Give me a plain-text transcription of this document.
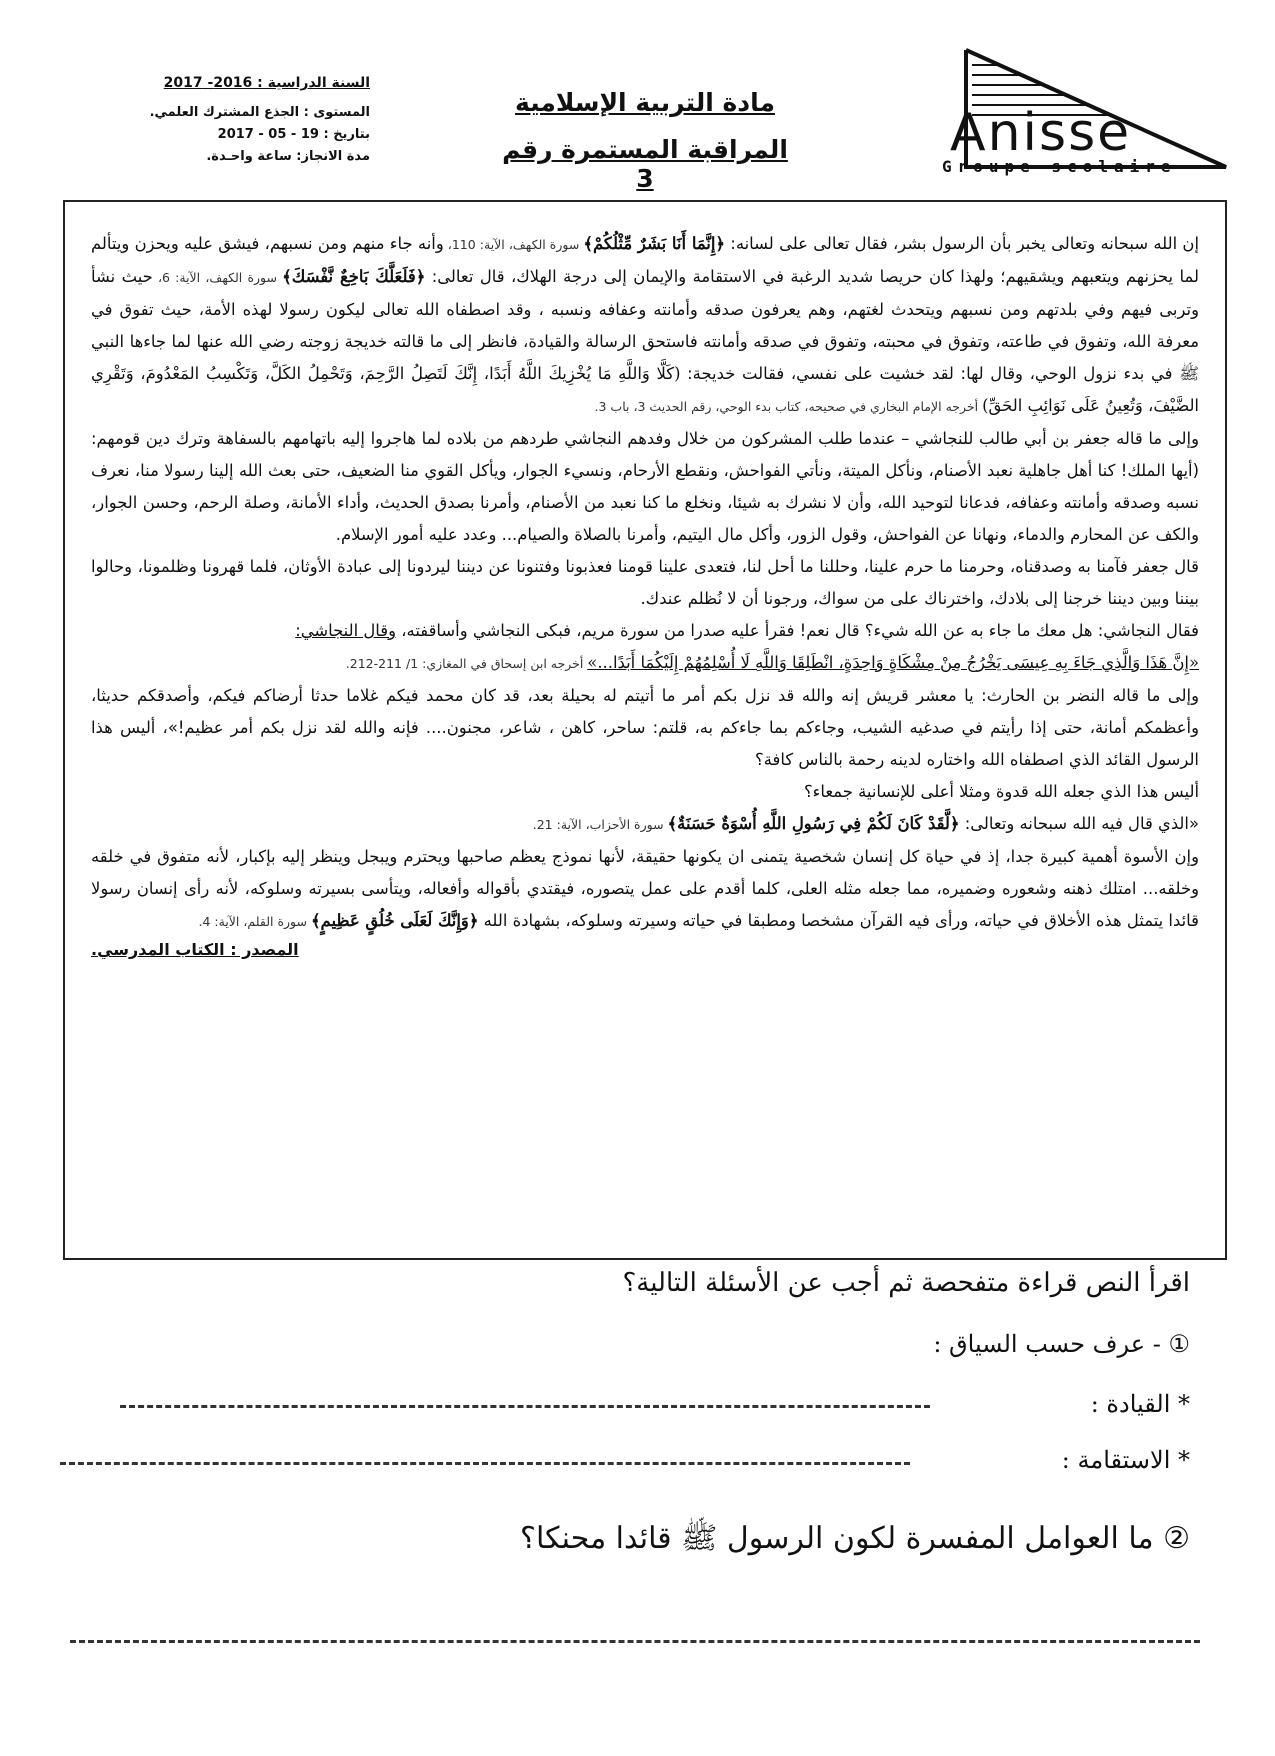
السنة الدراسية : 2016- 2017
المستوى : الجذع المشترك العلمي.
بتاريخ : 19 - 05 - 2017
مدة الانجاز: ساعة واحـدة.
مادة التربية الإسلامية
المراقبة المستمرة رقم 3
Anisse
Groupe scolaire

إن الله سبحانه وتعالى يخبر بأن الرسول بشر، فقال تعالى على لسانه: ﴿إِنَّمَا أَنَا بَشَرٌ مِّثْلُكُمْ﴾ سورة الكهف، الآية: 110، وأنه جاء منهم ومن نسبهم، فيشق عليه ويحزن ويتألم لما يحزنهم ويتعبهم ويشقيهم؛ ولهذا كان حريصا شديد الرغبة في الاستقامة والإيمان إلى درجة الهلاك، قال تعالى: ﴿فَلَعَلَّكَ بَاخِعٌ نَّفْسَكَ﴾ سورة الكهف، الآية: 6، حيث نشأ وتربى فيهم وفي بلدتهم ومن نسبهم ويتحدث لغتهم، وهم يعرفون صدقه وأمانته وعفافه ونسبه ، وقد اصطفاه الله تعالى ليكون رسولا لهذه الأمة، حيث تفوق في معرفة الله، وتفوق في طاعته، وتفوق في محبته، وتفوق في صدقه وأمانته فاستحق الرسالة والقيادة، فانظر إلى ما قالته خديجة زوجته رضي الله عنها لما جاءها النبي ﷺ في بدء نزول الوحي، وقال لها: لقد خشيت على نفسي، فقالت خديجة: (كَلَّا وَاللَّهِ مَا يُخْزِيكَ اللَّهُ أَبَدًا، إِنَّكَ لَتَصِلُ الرَّحِمَ، وَتَحْمِلُ الكَلَّ، وَتَكْسِبُ المَعْدُومَ، وَتَقْرِي الضَّيْفَ، وَتُعِينُ عَلَى نَوَائِبِ الحَقِّ) أخرجه الإمام البخاري في صحيحه، كتاب بدء الوحي، رقم الحديث 3، باب 3.

وإلى ما قاله جعفر بن أبي طالب للنجاشي – عندما طلب المشركون من خلال وفدهم النجاشي طردهم من بلاده لما هاجروا إليه باتهامهم بالسفاهة وترك دين قومهم: (أيها الملك! كنا أهل جاهلية نعبد الأصنام، ونأكل الميتة، ونأتي الفواحش، ونقطع الأرحام، ونسيء الجوار، ويأكل القوي منا الضعيف، حتى بعث الله إلينا رسولا منا، نعرف نسبه وصدقه وأمانته وعفافه، فدعانا لتوحيد الله، وأن لا نشرك به شيئا، ونخلع ما كنا نعبد من الأصنام، وأمرنا بصدق الحديث، وأداء الأمانة، وصلة الرحم، وحسن الجوار، والكف عن المحارم والدماء، ونهانا عن الفواحش، وقول الزور، وأكل مال اليتيم، وأمرنا بالصلاة والصيام... وعدد عليه أمور الإسلام.

قال جعفر فآمنا به وصدقناه، وحرمنا ما حرم علينا، وحللنا ما أحل لنا، فتعدى علينا قومنا فعذبونا وفتنونا عن ديننا ليردونا إلى عبادة الأوثان، فلما قهرونا وظلمونا، وحالوا بيننا وبين ديننا خرجنا إلى بلادك، واخترناك على من سواك، ورجونا أن لا نُظلم عندك.

فقال النجاشي: هل معك ما جاء به عن الله شيء؟ قال نعم! فقرأ عليه صدرا من سورة مريم، فبكى النجاشي وأساقفته، وقال النجاشي:
«إِنَّ هَذَا وَالَّذِي جَاءَ بِهِ عِيسَى يَخْرُجُ مِنْ مِشْكَاةٍ وَاحِدَةٍ، انْطَلِقَا وَاللَّهِ لَا أُسْلِمُهُمْ إِلَيْكُمَا أَبَدًا...» أخرجه ابن إسحاق في المغازي: 1/ 211-212.

وإلى ما قاله النضر بن الحارث: يا معشر قريش إنه والله قد نزل بكم أمر ما أتيتم له بحيلة بعد، قد كان محمد فيكم غلاما حدثا أرضاكم فيكم، وأصدقكم حديثا، وأعظمكم أمانة، حتى إذا رأيتم في صدغيه الشيب، وجاءكم بما جاءكم به، قلتم: ساحر، كاهن ، شاعر، مجنون.... فإنه والله لقد نزل بكم أمر عظيم!»، أليس هذا الرسول القائد الذي اصطفاه الله واختاره لدينه رحمة بالناس كافة؟

أليس هذا الذي جعله الله قدوة ومثلا أعلى للإنسانية جمعاء؟

«الذي قال فيه الله سبحانه وتعالى: ﴿لَّقَدْ كَانَ لَكُمْ فِي رَسُولِ اللَّهِ أُسْوَةٌ حَسَنَةٌ﴾ سورة الأحزاب، الآية: 21.

وإن الأسوة أهمية كبيرة جدا، إذ في حياة كل إنسان شخصية يتمنى ان يكونها حقيقة، لأنها نموذج يعظم صاحبها ويحترم ويبجل وينظر إليه بإكبار، لأنه متفوق في خلقه وخلقه... امتلك ذهنه وشعوره وضميره، مما جعله مثله العلى، كلما أقدم على عمل يتصوره، فيقتدي بأقواله وأفعاله، ويتأسى بسيرته وسلوكه، لأنه رأى إنسان رسولا قائدا يتمثل هذه الأخلاق في حياته، ورأى فيه القرآن مشخصا ومطبقا في حياته وسيرته وسلوكه، بشهادة الله ﴿وَإِنَّكَ لَعَلَى خُلُقٍ عَظِيمٍ﴾ سورة القلم، الآية: 4.

المصدر : الكتاب المدرسي.
اقرأ النص قراءة متفحصة ثم أجب عن الأسئلة التالية؟
① - عرف حسب السياق :
* القيادة :
* الاستقامة :
② ما العوامل المفسرة لكون الرسول ﷺ قائدا محنكا؟
